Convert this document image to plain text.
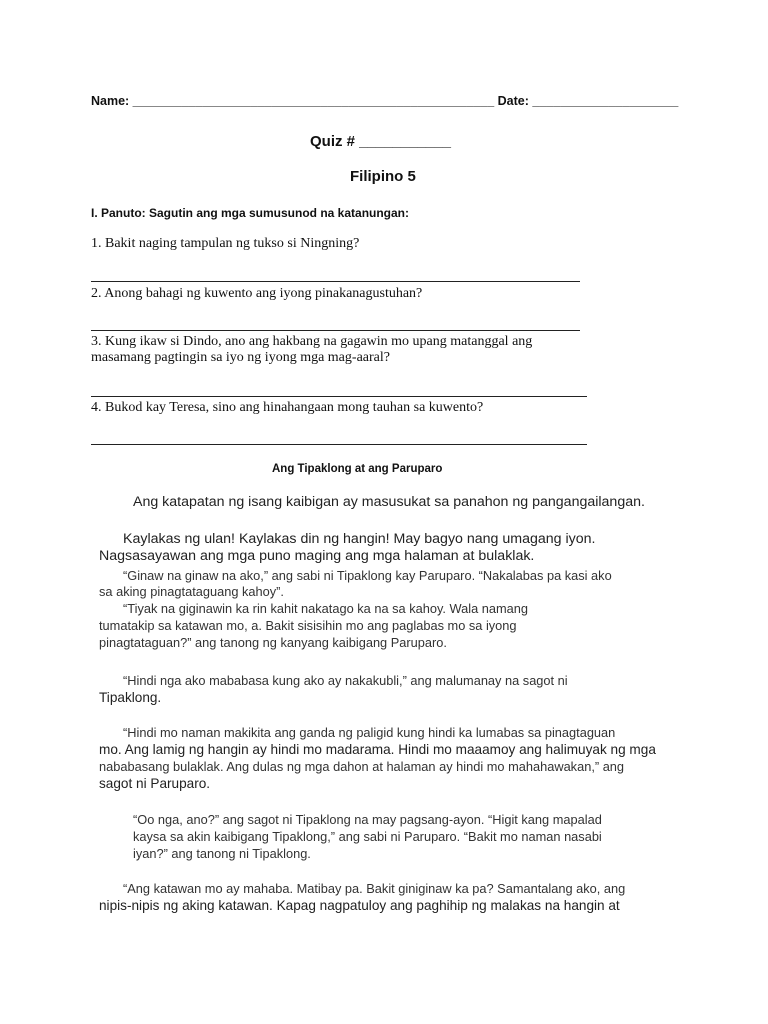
Name: ____________________________________________________ Date: _____________________
Quiz # ___________
Filipino 5
I. Panuto: Sagutin ang mga sumusunod na katanungan:
1. Bakit naging tampulan ng tukso si Ningning?
2. Anong bahagi ng kuwento ang iyong pinakanagustuhan?
3. Kung ikaw si Dindo, ano ang hakbang na gagawin mo upang matanggal ang
masamang pagtingin sa iyo ng iyong mga mag-aaral?
4. Bukod kay Teresa, sino ang hinahangaan mong tauhan sa kuwento?
Ang Tipaklong at ang Paruparo
Ang katapatan ng isang kaibigan ay masusukat sa panahon ng pangangailangan.
Kaylakas ng ulan! Kaylakas din ng hangin! May bagyo nang umagang iyon.
Nagsasayawan ang mga puno maging ang mga halaman at bulaklak.
“Ginaw na ginaw na ako,” ang sabi ni Tipaklong kay Paruparo. “Nakalabas pa kasi ako
sa aking pinagtataguang kahoy”.
“Tiyak na giginawin ka rin kahit nakatago ka na sa kahoy. Wala namang
tumatakip sa katawan mo, a. Bakit sisisihin mo ang paglabas mo sa iyong
pinagtataguan?” ang tanong ng kanyang kaibigang Paruparo.
“Hindi nga ako mababasa kung ako ay nakakubli,” ang malumanay na sagot ni
Tipaklong.
“Hindi mo naman makikita ang ganda ng paligid kung hindi ka lumabas sa pinagtaguan
mo. Ang lamig ng hangin ay hindi mo madarama. Hindi mo maaamoy ang halimuyak ng mga
nababasang bulaklak. Ang dulas ng mga dahon at halaman ay hindi mo mahahawakan,” ang
sagot ni Paruparo.
“Oo nga, ano?” ang sagot ni Tipaklong na may pagsang-ayon. “Higit kang mapalad
kaysa sa akin kaibigang Tipaklong,” ang sabi ni Paruparo. “Bakit mo naman nasabi
iyan?” ang tanong ni Tipaklong.
“Ang katawan mo ay mahaba. Matibay pa. Bakit giniginaw ka pa? Samantalang ako, ang
nipis-nipis ng aking katawan. Kapag nagpatuloy ang paghihip ng malakas na hangin at
